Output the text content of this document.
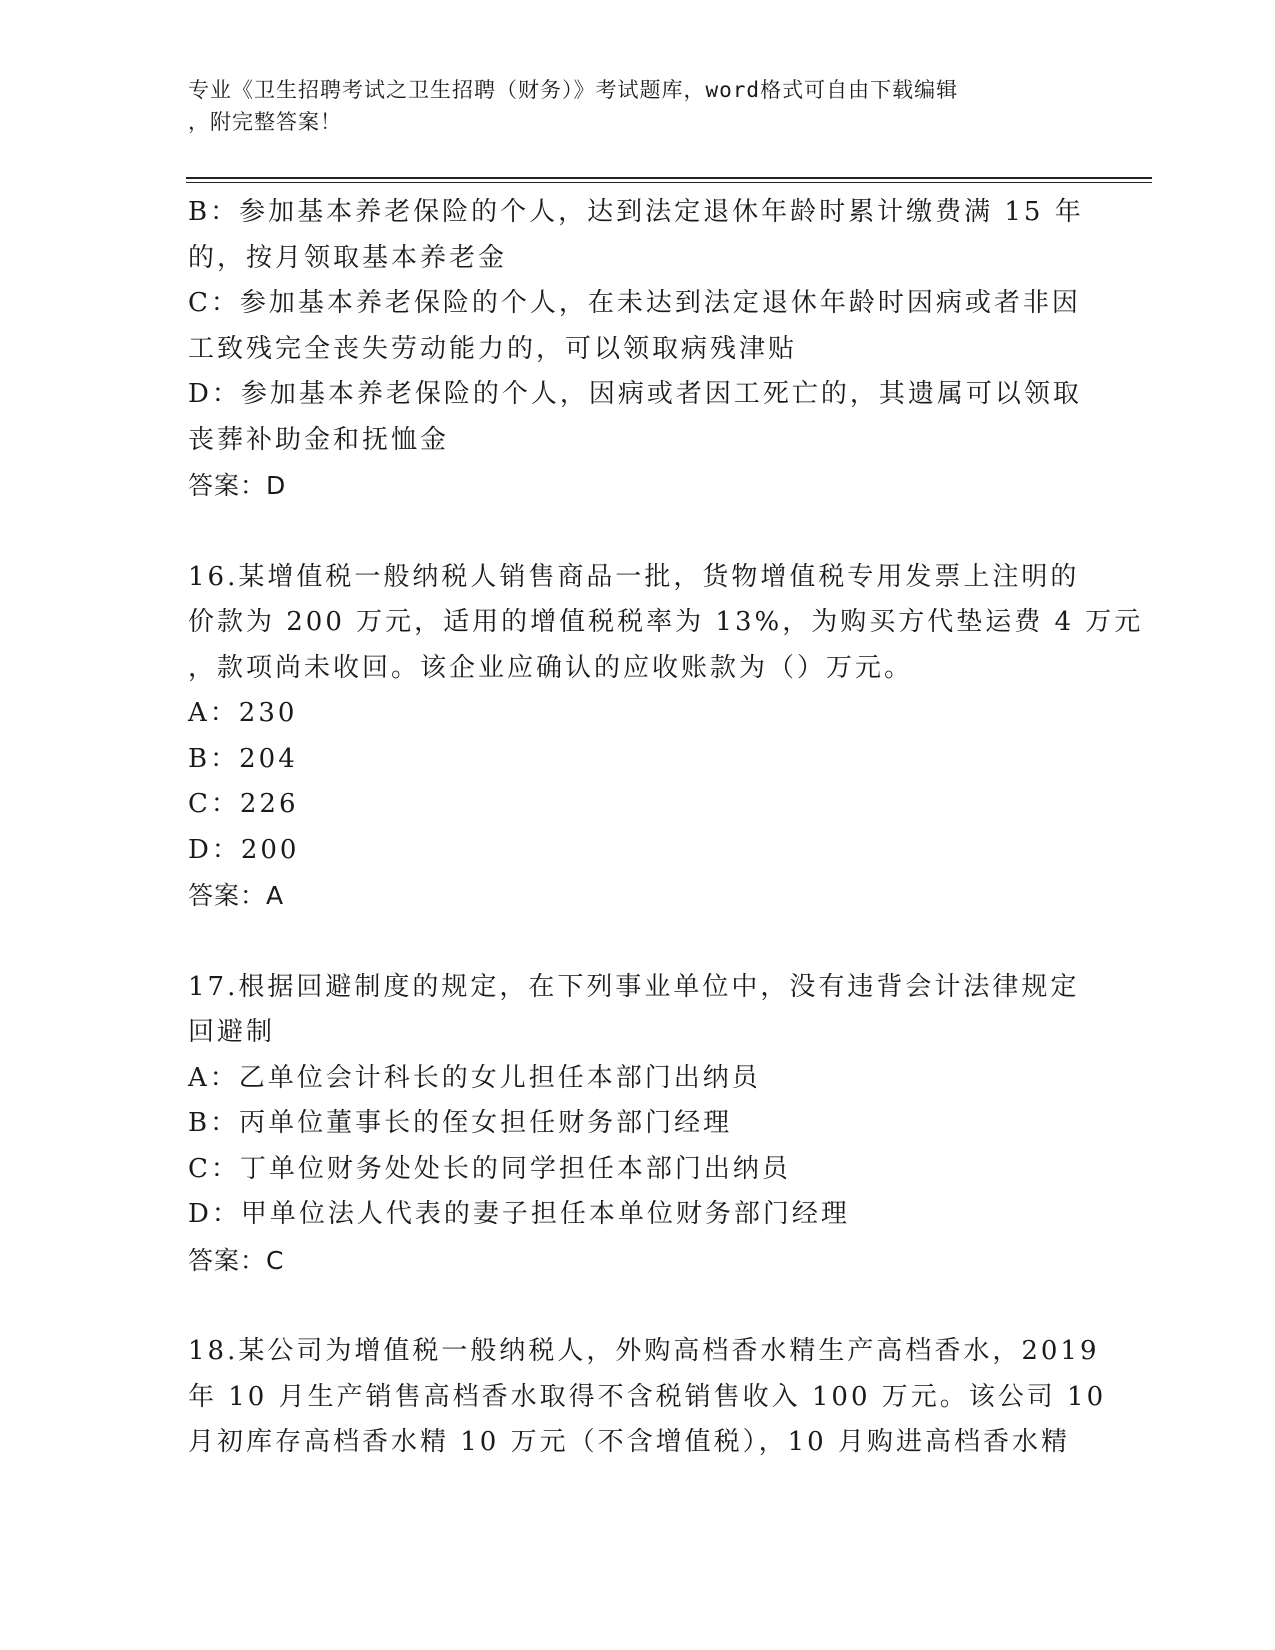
专业《卫生招聘考试之卫生招聘（财务）》考试题库，word格式可自由下载编辑
，附完整答案！
B：参加基本养老保险的个人，达到法定退休年龄时累计缴费满 15 年
的，按月领取基本养老金
C：参加基本养老保险的个人，在未达到法定退休年龄时因病或者非因
工致残完全丧失劳动能力的，可以领取病残津贴
D：参加基本养老保险的个人，因病或者因工死亡的，其遗属可以领取
丧葬补助金和抚恤金
答案：D
16.某增值税一般纳税人销售商品一批，货物增值税专用发票上注明的
价款为 200 万元，适用的增值税税率为 13%，为购买方代垫运费 4 万元
，款项尚未收回。该企业应确认的应收账款为（）万元。
A：230
B：204
C：226
D：200
答案：A
17.根据回避制度的规定，在下列事业单位中，没有违背会计法律规定
回避制
A：乙单位会计科长的女儿担任本部门出纳员
B：丙单位董事长的侄女担任财务部门经理
C：丁单位财务处处长的同学担任本部门出纳员
D：甲单位法人代表的妻子担任本单位财务部门经理
答案：C
18.某公司为增值税一般纳税人，外购高档香水精生产高档香水，2019
年 10 月生产销售高档香水取得不含税销售收入 100 万元。该公司 10
月初库存高档香水精 10 万元（不含增值税），10 月购进高档香水精
